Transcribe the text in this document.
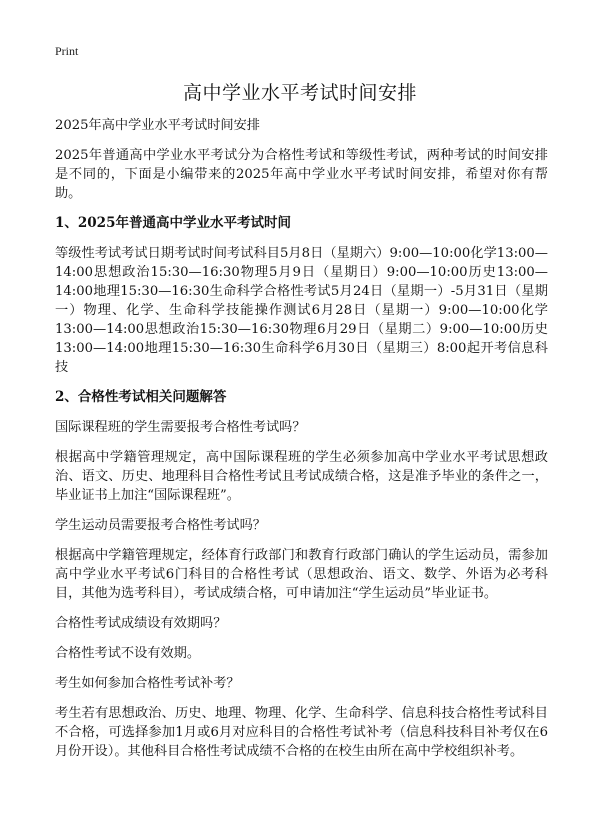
Print
高中学业水平考试时间安排

2025年高中学业水平考试时间安排

2025年普通高中学业水平考试分为合格性考试和等级性考试，两种考试的时间安排是不同的，下面是小编带来的2025年高中学业水平考试时间安排，希望对你有帮助。

1、2025年普通高中学业水平考试时间

等级性考试考试日期考试时间考试科目5月8日（星期六）9:00—10:00化学13:00—14:00思想政治15:30—16:30物理5月9日（星期日）9:00—10:00历史13:00—14:00地理15:30—16:30生命科学合格性考试5月24日（星期一）-5月31日（星期一）物理、化学、生命科学技能操作测试6月28日（星期一）9:00—10:00化学13:00—14:00思想政治15:30—16:30物理6月29日（星期二）9:00—10:00历史13:00—14:00地理15:30—16:30生命科学6月30日（星期三）8:00起开考信息科技

2、合格性考试相关问题解答

国际课程班的学生需要报考合格性考试吗？

根据高中学籍管理规定，高中国际课程班的学生必须参加高中学业水平考试思想政治、语文、历史、地理科目合格性考试且考试成绩合格，这是准予毕业的条件之一，毕业证书上加注“国际课程班”。

学生运动员需要报考合格性考试吗？

根据高中学籍管理规定，经体育行政部门和教育行政部门确认的学生运动员，需参加高中学业水平考试6门科目的合格性考试（思想政治、语文、数学、外语为必考科目，其他为选考科目），考试成绩合格，可申请加注“学生运动员”毕业证书。

合格性考试成绩设有效期吗？

合格性考试不设有效期。

考生如何参加合格性考试补考？

考生若有思想政治、历史、地理、物理、化学、生命科学、信息科技合格性考试科目不合格，可选择参加1月或6月对应科目的合格性考试补考（信息科技科目补考仅在6月份开设）。其他科目合格性考试成绩不合格的在校生由所在高中学校组织补考。
